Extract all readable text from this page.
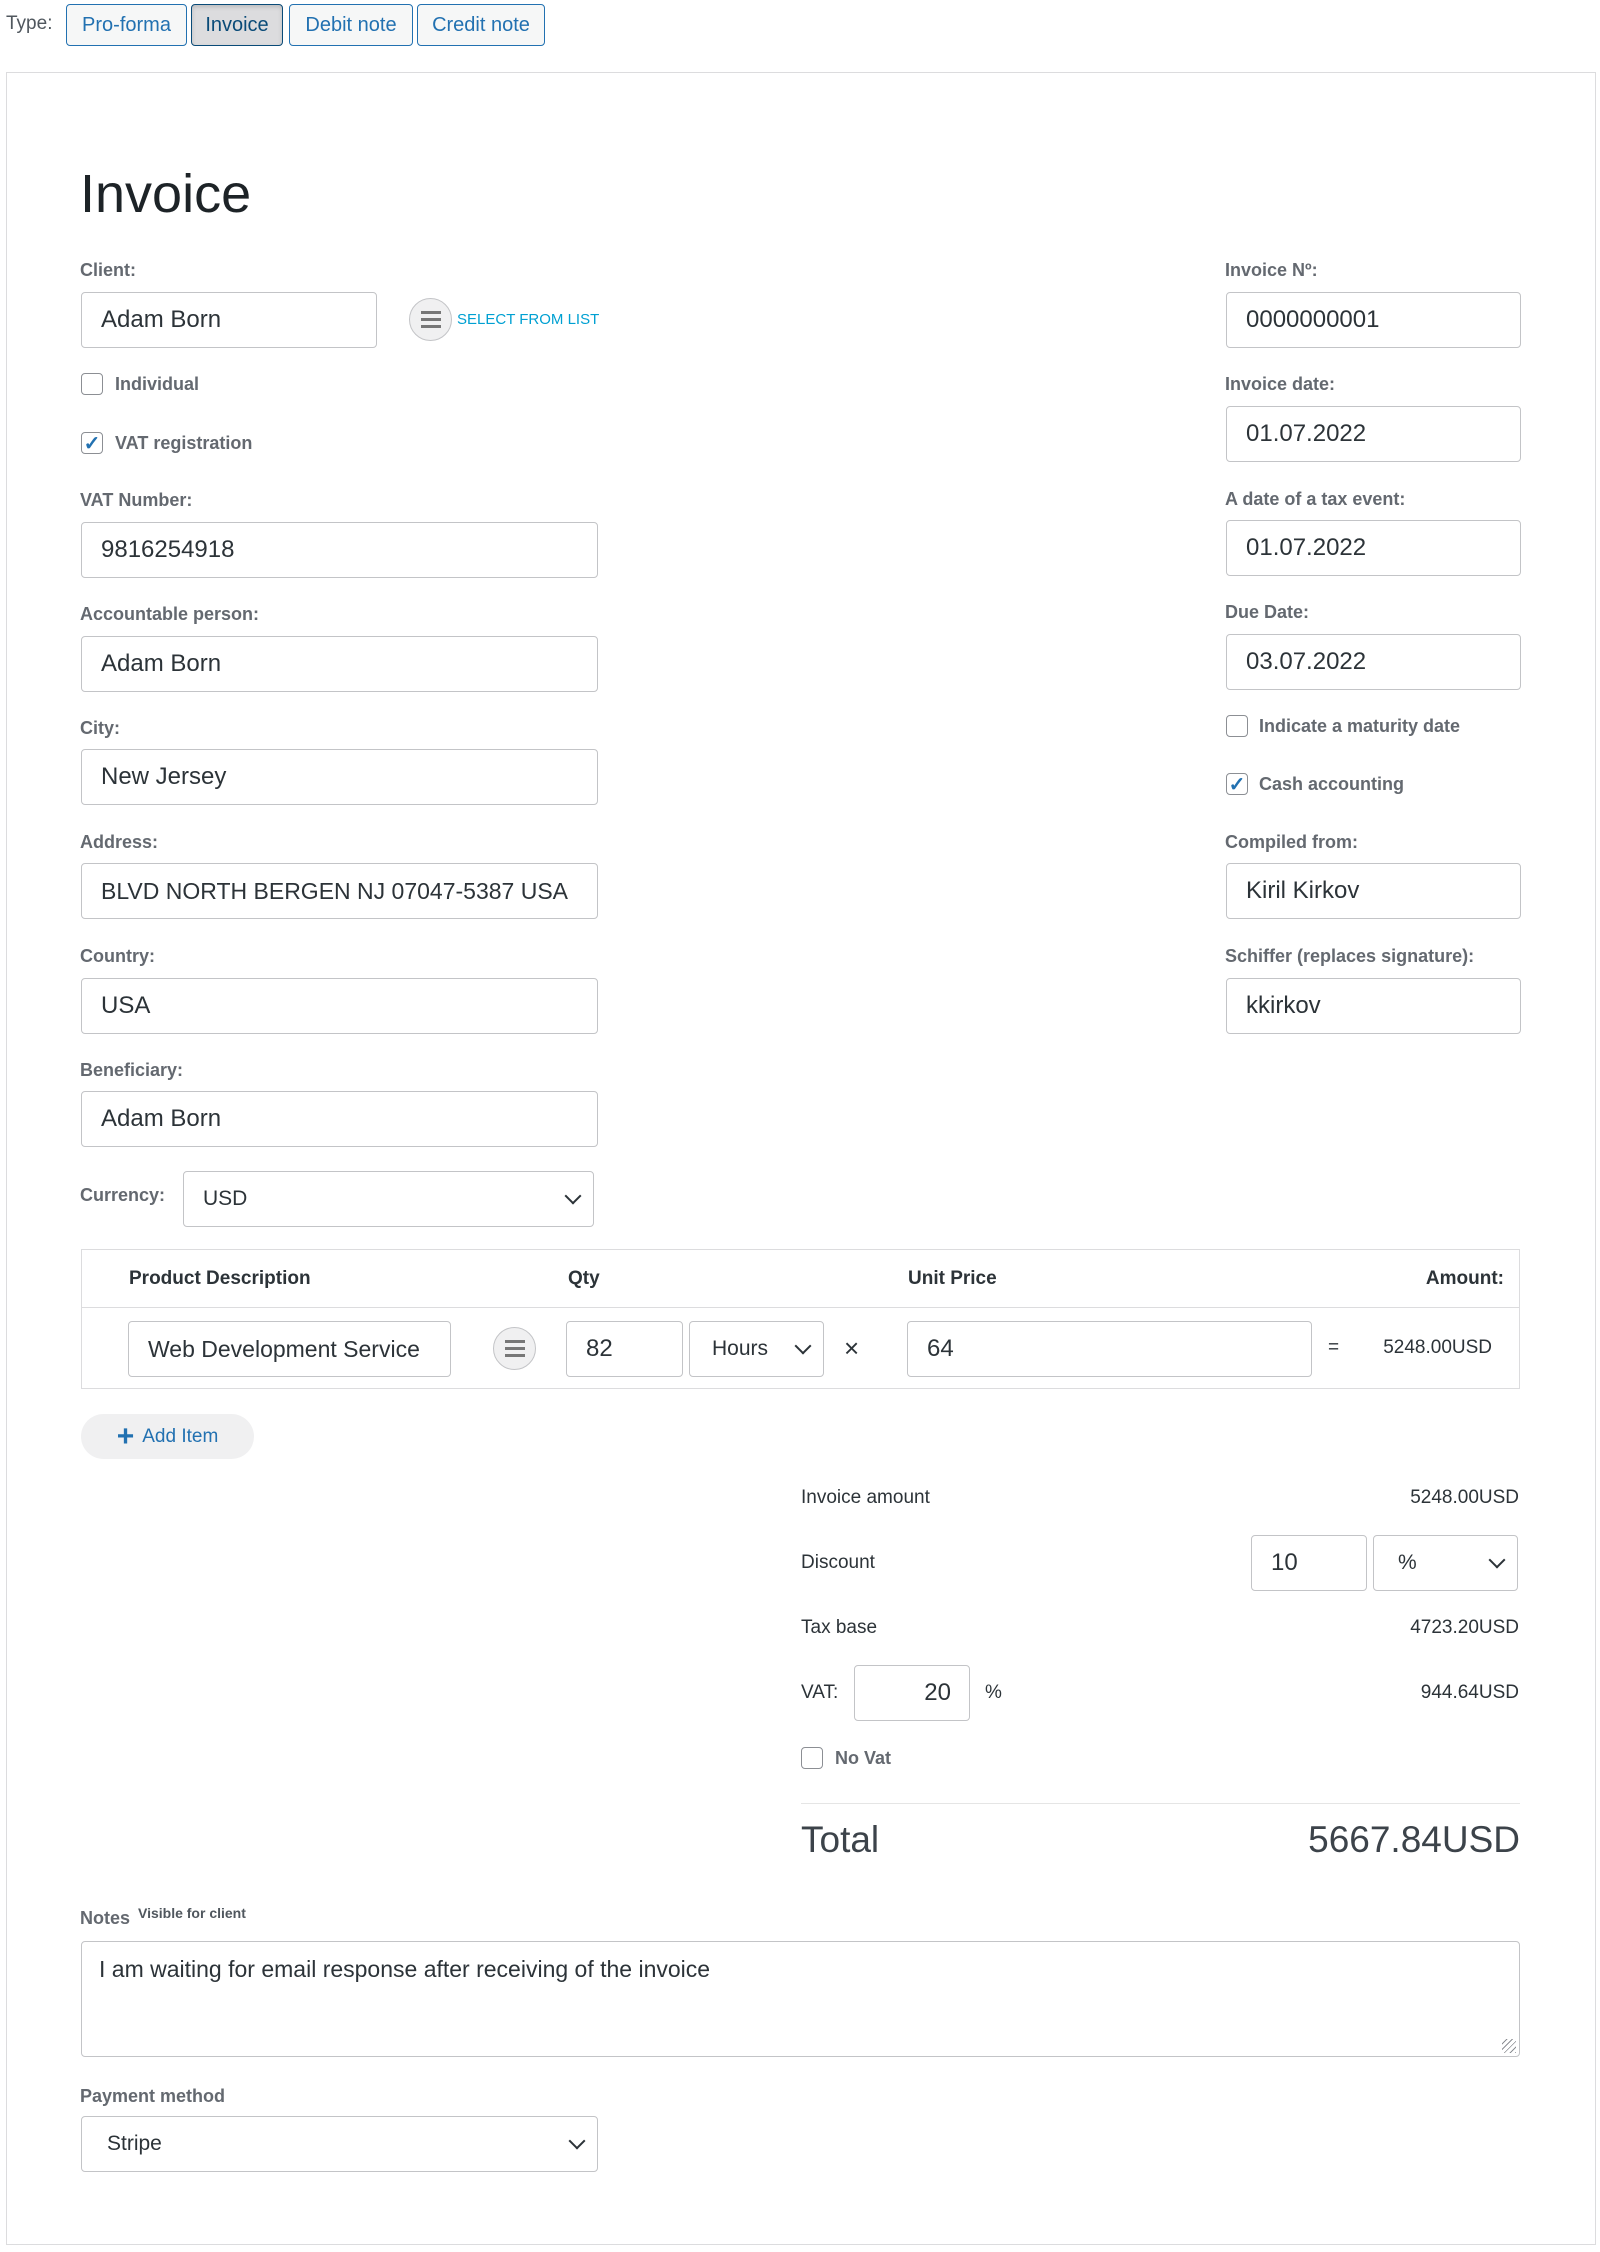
Type:	Pro-forma	Invoice	Debit note	Credit note
Invoice
Client:
Adam Born	SELECT FROM LIST
Individual
✓ VAT registration
VAT Number:
9816254918
Accountable person:
Adam Born
City:
New Jersey
Address:
BLVD NORTH BERGEN NJ 07047-5387 USA
Country:
USA
Beneficiary:
Adam Born
Currency: USD
Invoice Nº:
0000000001
Invoice date:
01.07.2022
A date of a tax event:
01.07.2022
Due Date:
03.07.2022
Indicate a maturity date
✓ Cash accounting
Compiled from:
Kiril Kirkov
Schiffer (replaces signature):
kkirkov
Product Description	Qty	Unit Price	Amount:
Web Development Service	82	Hours	×	64	= 5248.00USD
+ Add Item
Invoice amount	5248.00USD
Discount	10	%
Tax base	4723.20USD
VAT:	20	%	944.64USD
No Vat
Total	5667.84USD
Notes Visible for client
I am waiting for email response after receiving of the invoice
Payment method
Stripe
